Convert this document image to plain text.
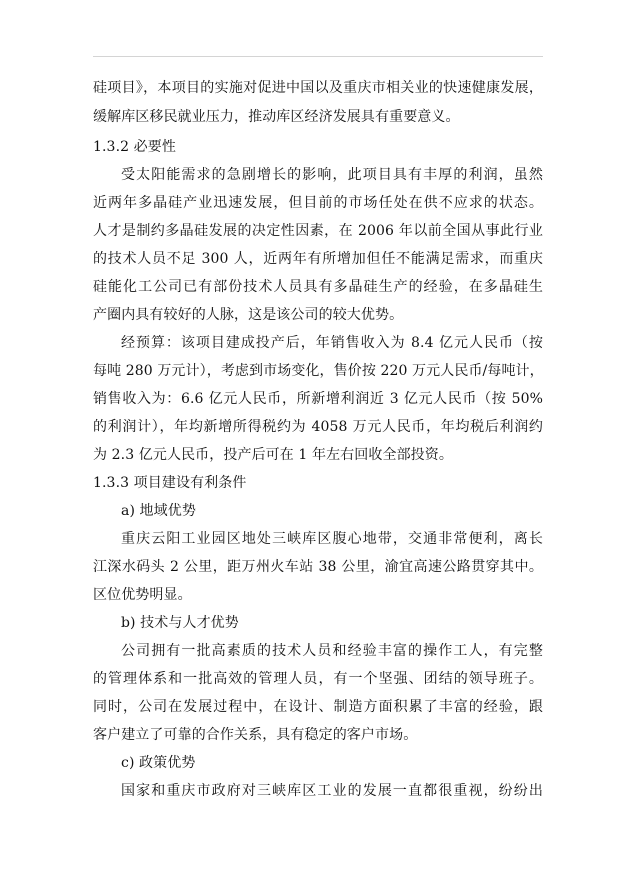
硅项目》，本项目的实施对促进中国以及重庆市相关业的快速健康发展，
缓解库区移民就业压力，推动库区经济发展具有重要意义。
1.3.2 必要性
受太阳能需求的急剧增长的影响，此项目具有丰厚的利润，虽然
近两年多晶硅产业迅速发展，但目前的市场任处在供不应求的状态。
人才是制约多晶硅发展的决定性因素，在 2006 年以前全国从事此行业
的技术人员不足 300 人，近两年有所增加但任不能满足需求，而重庆
硅能化工公司已有部份技术人员具有多晶硅生产的经验，在多晶硅生
产圈内具有较好的人脉，这是该公司的较大优势。
经预算：该项目建成投产后，年销售收入为 8.4 亿元人民币（按
每吨 280 万元计），考虑到市场变化，售价按 220 万元人民币/每吨计，
销售收入为：6.6 亿元人民币，所新增利润近 3 亿元人民币（按 50%
的利润计），年均新增所得税约为 4058 万元人民币，年均税后利润约
为 2.3 亿元人民币，投产后可在 1 年左右回收全部投资。
1.3.3 项目建设有利条件
a) 地域优势
重庆云阳工业园区地处三峡库区腹心地带，交通非常便利，离长
江深水码头 2 公里，距万州火车站 38 公里，渝宜高速公路贯穿其中。
区位优势明显。
b) 技术与人才优势
公司拥有一批高素质的技术人员和经验丰富的操作工人，有完整
的管理体系和一批高效的管理人员，有一个坚强、团结的领导班子。
同时，公司在发展过程中，在设计、制造方面积累了丰富的经验，跟
客户建立了可靠的合作关系，具有稳定的客户市场。
c) 政策优势
国家和重庆市政府对三峡库区工业的发展一直都很重视，纷纷出
